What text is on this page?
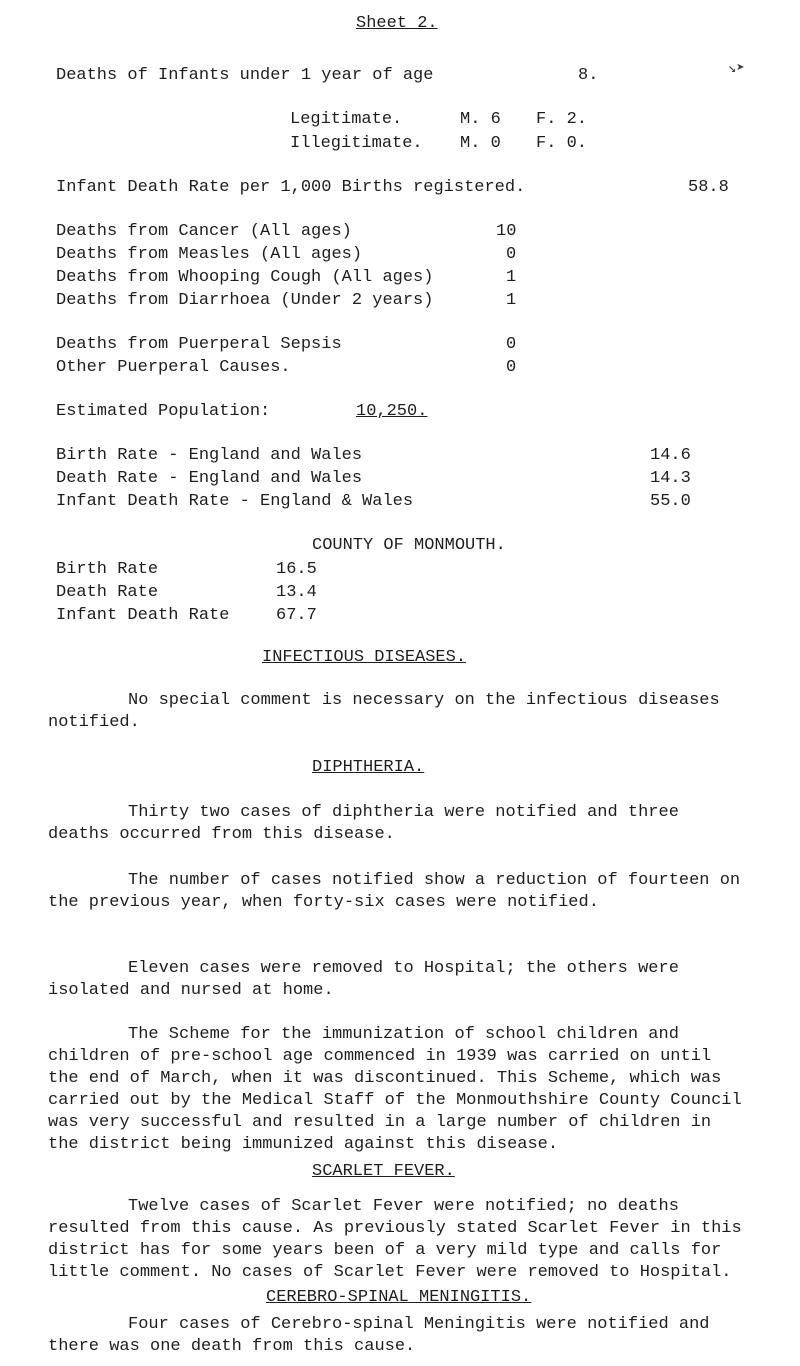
Sheet 2.
↘➤
Deaths of Infants under 1 year of age	8.
Legitimate.	M. 6 F. 2.
Illegitimate. M. 0 F. 0.
Infant Death Rate per 1,000 Births registered.	58.8
Deaths from Cancer (All ages)	10
Deaths from Measles (All ages)	0
Deaths from Whooping Cough (All ages)	1
Deaths from Diarrhoea (Under 2 years)	1
Deaths from Puerperal Sepsis	0
Other Puerperal Causes.	0
Estimated Population:	10,250.
Birth Rate - England and Wales	14.6
Death Rate - England and Wales	14.3
Infant Death Rate - England & Wales	55.0
COUNTY OF MONMOUTH.
Birth Rate	16.5
Death Rate	13.4
Infant Death Rate	67.7
INFECTIOUS DISEASES.
No special comment is necessary on the infectious diseases notified.
DIPHTHERIA.
Thirty two cases of diphtheria were notified and three deaths occurred from this disease.
The number of cases notified show a reduction of fourteen on the previous year, when forty-six cases were notified.
Eleven cases were removed to Hospital; the others were isolated and nursed at home.
The Scheme for the immunization of school children and children of pre-school age commenced in 1939 was carried on until the end of March, when it was discontinued. This Scheme, which was carried out by the Medical Staff of the Monmouthshire County Council was very successful and resulted in a large number of children in the district being immunized against this disease.
SCARLET FEVER.
Twelve cases of Scarlet Fever were notified; no deaths resulted from this cause. As previously stated Scarlet Fever in this district has for some years been of a very mild type and calls for little comment. No cases of Scarlet Fever were removed to Hospital.
CEREBRO-SPINAL MENINGITIS.
Four cases of Cerebro-spinal Meningitis were notified and there was one death from this cause.
